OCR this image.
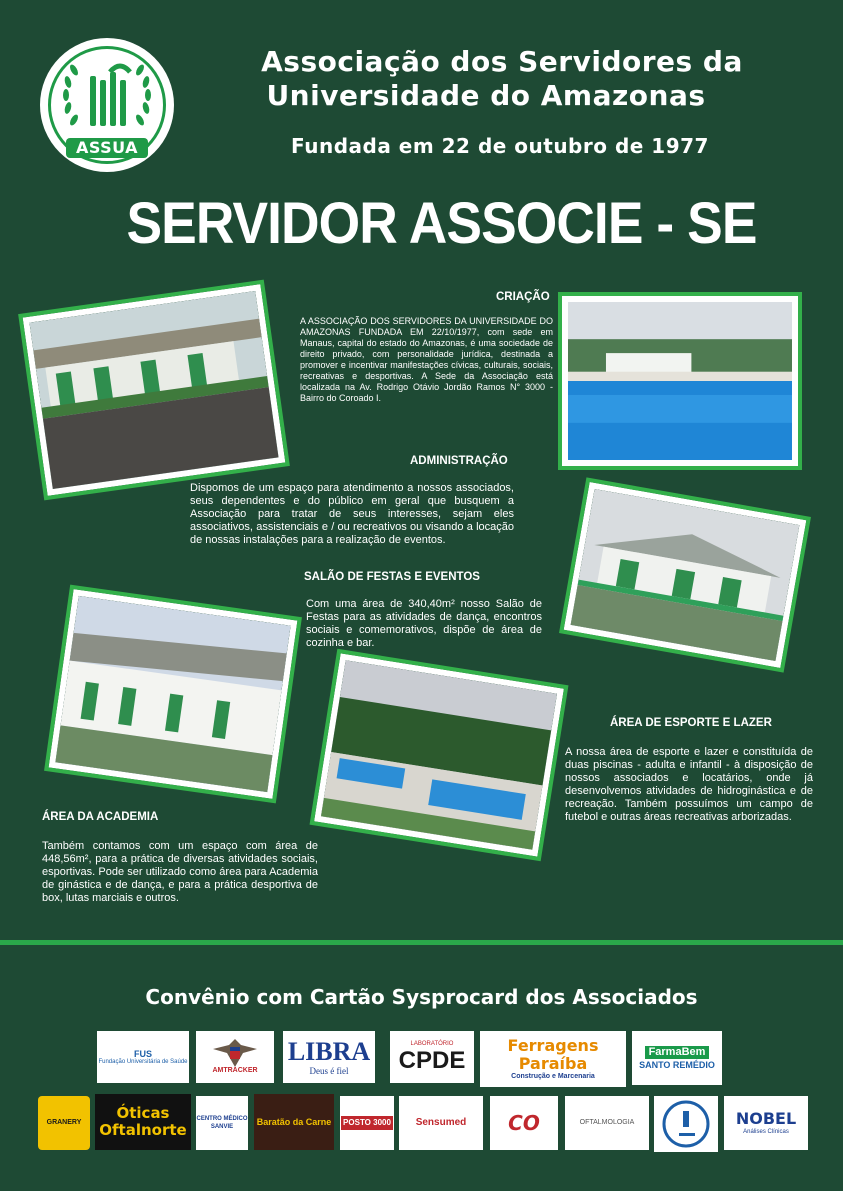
ASSUA
Associação dos Servidores da
Universidade do Amazonas
Fundada em 22 de outubro de 1977
SERVIDOR ASSOCIE - SE
CRIAÇÃO
A ASSOCIAÇÃO DOS SERVIDORES DA UNIVERSIDADE DO AMAZONAS FUNDADA EM 22/10/1977, com sede em Manaus, capital do estado do Amazonas, é uma sociedade de direito privado, com personalidade jurídica, destinada a promover e incentivar manifestações cívicas, culturais, sociais, recreativas e desportivas. A Sede da Associação está localizada na Av. Rodrigo Otávio Jordão Ramos N° 3000 - Bairro do Coroado I.
ADMINISTRAÇÃO
Dispomos de um espaço para atendimento a nossos associados, seus dependentes e do público em geral que busquem a Associação para tratar de seus interesses, sejam eles associativos, assistenciais e / ou recreativos ou visando a locação de nossas instalações para a realização de eventos.
SALÃO DE FESTAS E EVENTOS
Com uma área de 340,40m² nosso Salão de Festas para as atividades de dança, encontros sociais e comemorativos, dispõe de área de cozinha e bar.
ÁREA DE ESPORTE E LAZER
A nossa área de esporte e lazer e constituída de duas piscinas - adulta e infantil - à disposição de nossos associados e locatários, onde já desenvolvemos atividades de hidroginástica e de recreação. Também possuímos um campo de futebol e outras áreas recreativas arborizadas.
ÁREA DA ACADEMIA
Também contamos com um espaço com área de 448,56m², para a prática de diversas atividades sociais, esportivas. Pode ser utilizado como área para Academia de ginástica e de dança, e para a prática desportiva de box, lutas marciais e outros.
Convênio com Cartão Sysprocard dos Associados
FUS
Fundação Universitária de Saúde
AMTRACKER
LIBRA
Deus é fiel
LABORATÓRIO
CPDE
Ferragens Paraíba
Construção e Marcenaria
FarmaBem
SANTO REMÉDIO
GRANERY
Óticas Oftalnorte
CENTRO MÉDICO SANVIE
Baratão da Carne POSTO 3000 Sensumed CO	OFTALMOLOGIA	NOBEL
Análises Clínicas
